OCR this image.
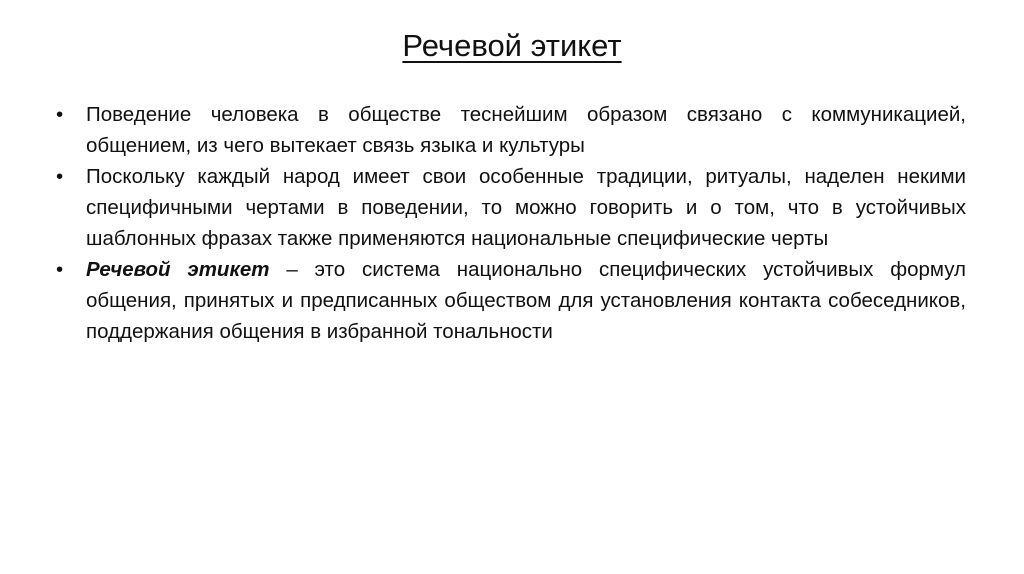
Речевой этикет
•	Поведение человека в обществе теснейшим образом связано с коммуникацией, общением, из чего вытекает связь языка и культуры
•	Поскольку каждый народ имеет свои особенные традиции, ритуалы, наделен некими специфичными чертами в поведении, то можно говорить и о том, что в устойчивых шаблонных фразах также применяются национальные специфические черты
•	Речевой этикет – это система национально специфических устойчивых формул общения, принятых и предписанных обществом для установления контакта собеседников, поддержания общения в избранной тональности
